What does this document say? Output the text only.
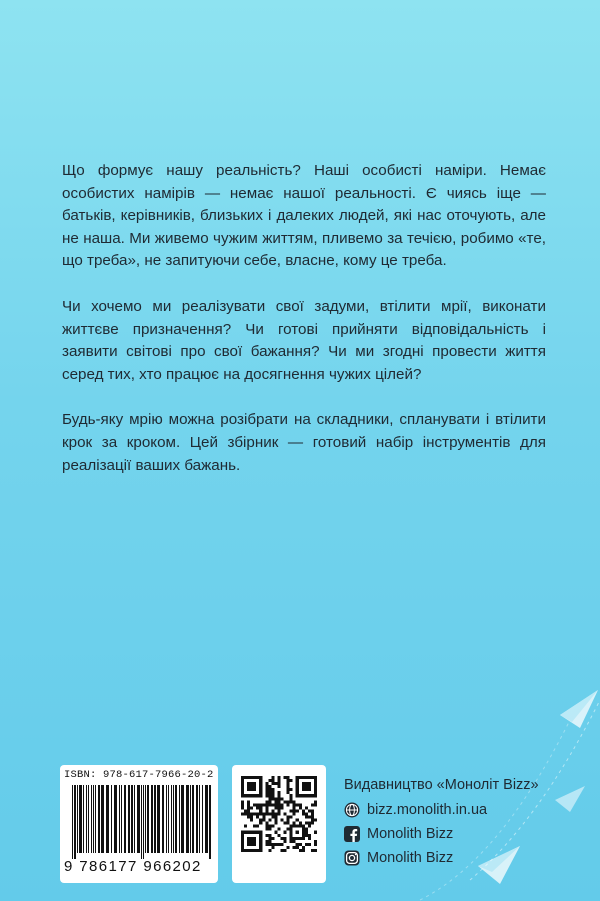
Що формує нашу реальність? Наші особисті наміри. Немає особистих намірів — немає нашої реальності. Є чиясь іще — батьків, керівників, близьких і далеких людей, які нас оточують, але не наша. Ми живемо чужим життям, пливемо за течією, робимо «те, що треба», не запитуючи себе, власне, кому це треба.

Чи хочемо ми реалізувати свої задуми, втілити мрії, виконати життєве призначення? Чи готові прийняти відповідальність і заявити світові про свої бажання? Чи ми згодні провести життя серед тих, хто працює на досягнення чужих цілей?

Будь-яку мрію можна розібрати на складники, спланувати і втілити крок за кроком. Цей збірник — готовий набір інструментів для реалізації ваших бажань.

ISBN: 978-617-7966-20-2
9 786177 966202
Видавництво «Моноліт Bizz»
bizz.monolith.in.ua
Monolith Bizz
Monolith Bizz
